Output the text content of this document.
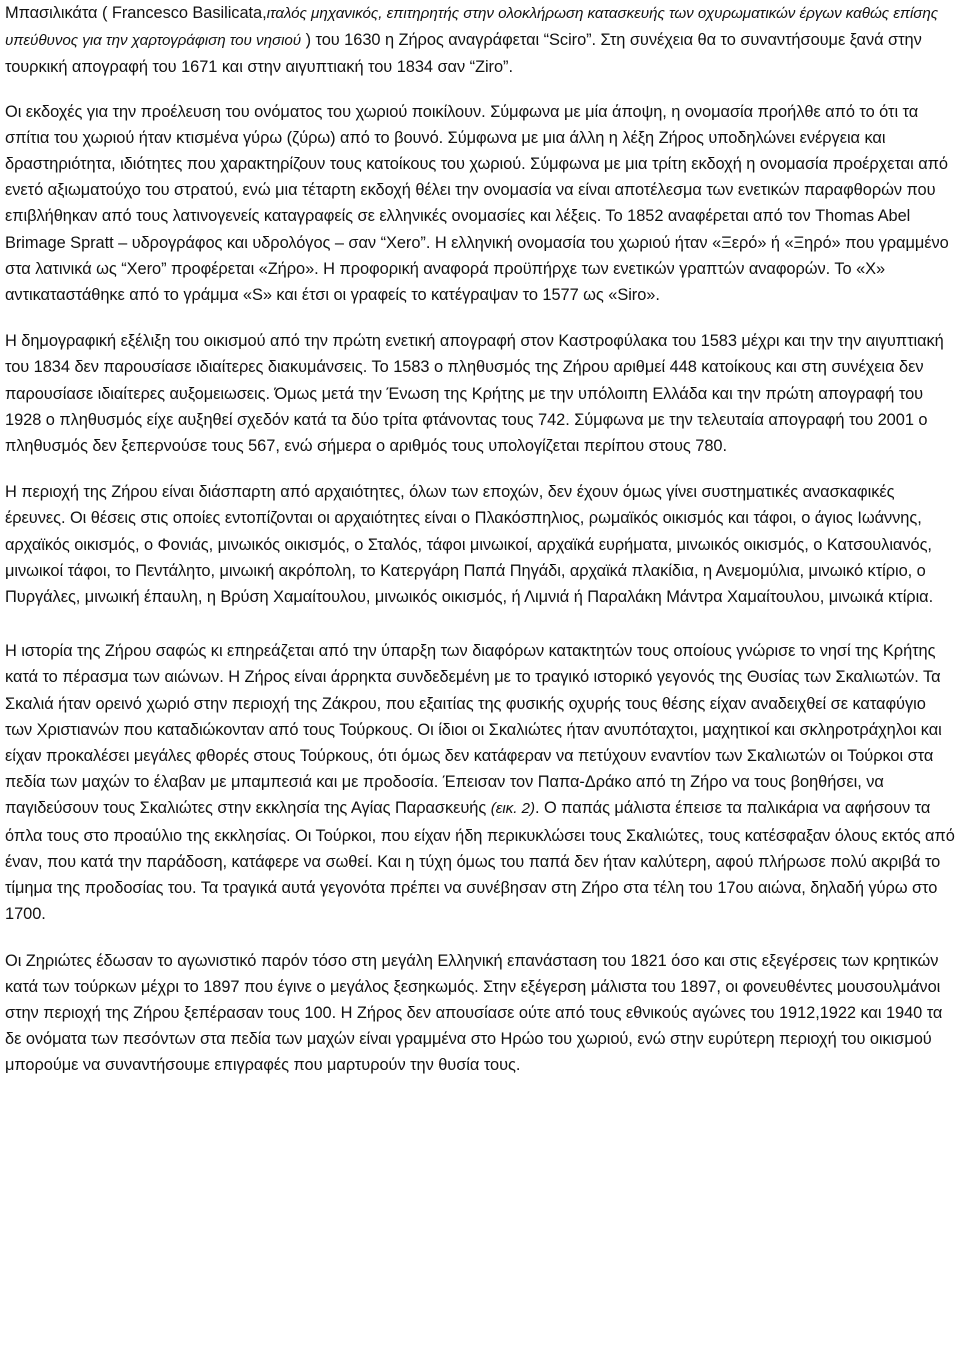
Μπασιλικάτα ( Francesco Basilicata,ιταλός μηχανικός, επιτηρητής στην ολοκλήρωση κατασκευής των οχυρωματικών έργων καθώς επίσης υπεύθυνος για την χαρτογράφιση του νησιού ) του 1630 η Ζήρος αναγράφεται “Sciro”. Στη συνέχεια θα το συναντήσουμε ξανά στην τουρκική απογραφή του 1671 και στην αιγυπτιακή του 1834 σαν “Ziro”.

Οι εκδοχές για την προέλευση του ονόματος του χωριού ποικίλουν. Σύμφωνα με μία άποψη, η ονομασία προήλθε από το ότι τα σπίτια του χωριού ήταν κτισμένα γύρω (ζύρω) από το βουνό. Σύμφωνα με μια άλλη η λέξη Ζήρος υποδηλώνει ενέργεια και δραστηριότητα, ιδιότητες που χαρακτηρίζουν τους κατοίκους του χωριού. Σύμφωνα με μια τρίτη εκδοχή η ονομασία προέρχεται από ενετό αξιωματούχο του στρατού, ενώ μια τέταρτη εκδοχή θέλει την ονομασία να είναι αποτέλεσμα των ενετικών παραφθορών που επιβλήθηκαν από τους λατινογενείς καταγραφείς σε ελληνικές ονομασίες και λέξεις. Το 1852 αναφέρεται από τον Thomas Abel Brimage Spratt – υδρογράφος και υδρολόγος – σαν “Xero”. Η ελληνική ονομασία του χωριού ήταν «Ξερό» ή «Ξηρό» που γραμμένο στα λατινικά ως “Xero” προφέρεται «Ζήρο». Η προφορική αναφορά προϋπήρχε των ενετικών γραπτών αναφορών. Το «Χ» αντικαταστάθηκε από το γράμμα «S» και έτσι οι γραφείς το κατέγραψαν το 1577 ως «Siro».

Η δημογραφική εξέλιξη του οικισμού από την πρώτη ενετική απογραφή στον Καστροφύλακα του 1583 μέχρι και την την αιγυπτιακή του 1834 δεν παρουσίασε ιδιαίτερες διακυμάνσεις. Το 1583 ο πληθυσμός της Ζήρου αριθμεί 448 κατοίκους και στη συνέχεια δεν παρουσίασε ιδιαίτερες αυξομειωσεις. Όμως μετά την Ένωση της Κρήτης με την υπόλοιπη Ελλάδα και την πρώτη απογραφή του 1928 ο πληθυσμός είχε αυξηθεί σχεδόν κατά τα δύο τρίτα φτάνοντας τους 742. Σύμφωνα με την τελευταία απογραφή του 2001 ο πληθυσμός δεν ξεπερνούσε τους 567, ενώ σήμερα ο αριθμός τους υπολογίζεται περίπου στους 780.

Η περιοχή της Ζήρου είναι διάσπαρτη από αρχαιότητες, όλων των εποχών, δεν έχουν όμως γίνει συστηματικές ανασκαφικές έρευνες. Οι θέσεις στις οποίες εντοπίζονται οι αρχαιότητες είναι ο Πλακόσπηλιος, ρωμαϊκός οικισμός και τάφοι, ο άγιος Ιωάννης, αρχαϊκός οικισμός, ο Φονιάς, μινωικός οικισμός, ο Σταλός, τάφοι μινωικοί, αρχαϊκά ευρήματα, μινωικός οικισμός, ο Κατσουλιανός, μινωικοί τάφοι, το Πεντάλητο, μινωική ακρόπολη, το Κατεργάρη Παπά Πηγάδι, αρχαϊκά πλακίδια, η Ανεμομύλια, μινωικό κτίριο, ο Πυργάλες, μινωική έπαυλη, η Βρύση Χαμαίτουλου, μινωικός οικισμός, ή Λιμνιά ή Παραλάκη Μάντρα Χαμαίτουλου, μινωικά κτίρια.

Η ιστορία της Ζήρου σαφώς κι επηρεάζεται από την ύπαρξη των διαφόρων κατακτητών τους οποίους γνώρισε το νησί της Κρήτης κατά το πέρασμα των αιώνων. Η Ζήρος είναι άρρηκτα συνδεδεμένη με το τραγικό ιστορικό γεγονός της Θυσίας των Σκαλιωτών. Τα Σκαλιά ήταν ορεινό χωριό στην περιοχή της Ζάκρου, που εξαιτίας της φυσικής οχυρής τους θέσης είχαν αναδειχθεί σε καταφύγιο των Χριστιανών που καταδιώκονταν από τους Τούρκους. Οι ίδιοι οι Σκαλιώτες ήταν ανυπόταχτοι, μαχητικοί και σκληροτράχηλοι και είχαν προκαλέσει μεγάλες φθορές στους Τούρκους, ότι όμως δεν κατάφεραν να πετύχουν εναντίον των Σκαλιωτών οι Τούρκοι στα πεδία των μαχών το έλαβαν με μπαμπεσιά και με προδοσία. Έπεισαν τον Παπα-Δράκο από τη Ζήρο να τους βοηθήσει, να παγιδεύσουν τους Σκαλιώτες στην εκκλησία της Αγίας Παρασκευής (εικ. 2). Ο παπάς μάλιστα έπεισε τα παλικάρια να αφήσουν τα όπλα τους στο προαύλιο της εκκλησίας. Οι Τούρκοι, που είχαν ήδη περικυκλώσει τους Σκαλιώτες, τους κατέσφαξαν όλους εκτός από έναν, που κατά την παράδοση, κατάφερε να σωθεί. Και η τύχη όμως του παπά δεν ήταν καλύτερη, αφού πλήρωσε πολύ ακριβά το τίμημα της προδοσίας του. Τα τραγικά αυτά γεγονότα πρέπει να συνέβησαν στη Ζήρο στα τέλη του 17ου αιώνα, δηλαδή γύρω στο 1700.

Οι Ζηριώτες έδωσαν το αγωνιστικό παρόν τόσο στη μεγάλη Ελληνική επανάσταση του 1821 όσο και στις εξεγέρσεις των κρητικών κατά των τούρκων μέχρι το 1897 που έγινε ο μεγάλος ξεσηκωμός. Στην εξέγερση μάλιστα του 1897, οι φονευθέντες μουσουλμάνοι στην περιοχή της Ζήρου ξεπέρασαν τους 100. Η Ζήρος δεν απουσίασε ούτε από τους εθνικούς αγώνες του 1912,1922 και 1940 τα δε ονόματα των πεσόντων στα πεδία των μαχών είναι γραμμένα στο Ηρώο του χωριού, ενώ στην ευρύτερη περιοχή του οικισμού μπορούμε να συναντήσουμε επιγραφές που μαρτυρούν την θυσία τους.
